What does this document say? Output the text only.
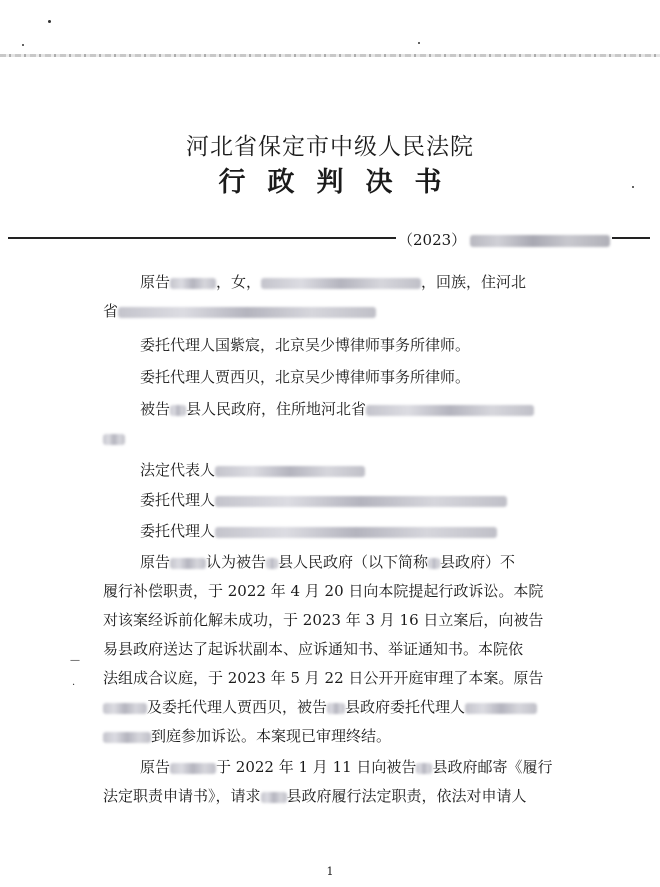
河北省保定市中级人民法院
行政判决书
（2023）
原告	，女，	，回族，住河北
省
委托代理人国紫宸，北京吴少博律师事务所律师。
委托代理人贾西贝，北京吴少博律师事务所律师。
被告 县人民政府，住所地河北省
法定代表人
委托代理人
委托代理人
原告 认为被告 县人民政府（以下简称 县政府）不
履行补偿职责，于 2022 年 4 月 20 日向本院提起行政诉讼。本院
对该案经诉前化解未成功，于 2023 年 3 月 16 日立案后，向被告
易县政府送达了起诉状副本、应诉通知书、举证通知书。本院依
法组成合议庭，于 2023 年 5 月 22 日公开开庭审理了本案。原告
及委托代理人贾西贝，被告 县政府委托代理人
到庭参加诉讼。本案现已审理终结。
原告	于 2022 年 1 月 11 日向被告 县政府邮寄《履行
法定职责申请书》，请求 县政府履行法定职责，依法对申请人
—
·
1
